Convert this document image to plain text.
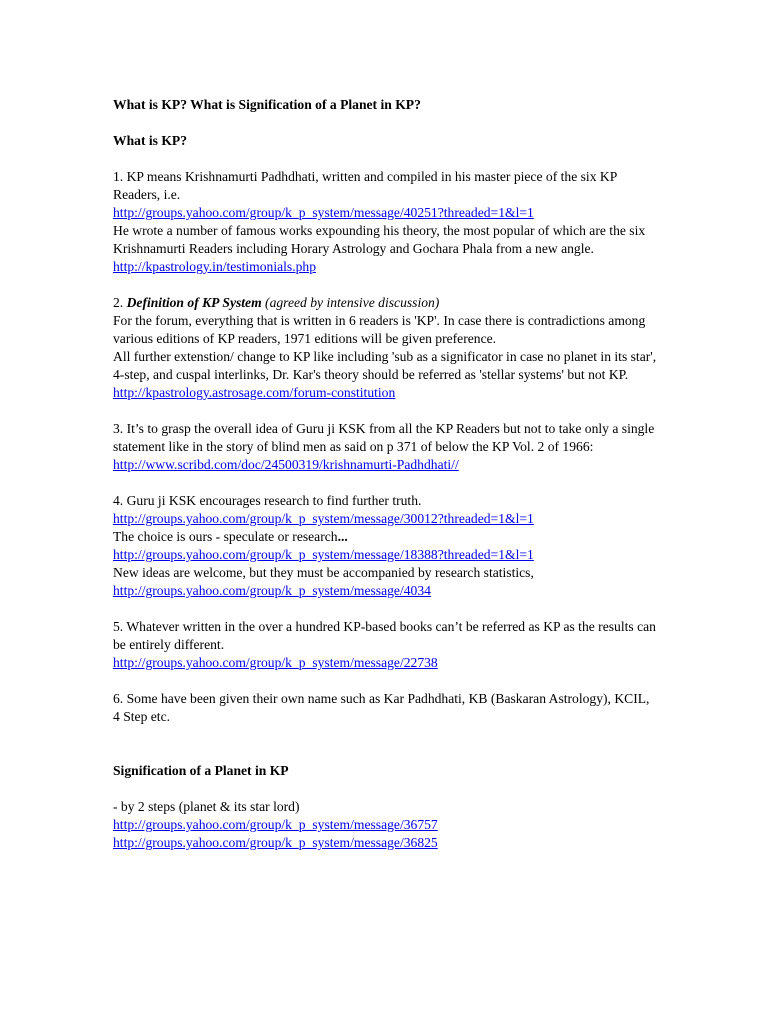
What is KP? What is Signification of a Planet in KP?

What is KP?

1. KP means Krishnamurti Padhdhati, written and compiled in his master piece of the six KP Readers, i.e.

http://groups.yahoo.com/group/k_p_system/message/40251?threaded=1&l=1

He wrote a number of famous works expounding his theory, the most popular of which are the six Krishnamurti Readers including Horary Astrology and Gochara Phala from a new angle.

http://kpastrology.in/testimonials.php

2. Definition of KP System (agreed by intensive discussion)

For the forum, everything that is written in 6 readers is 'KP'. In case there is contradictions among various editions of KP readers, 1971 editions will be given preference.

All further extenstion/ change to KP like including 'sub as a significator in case no planet in its star', 4-step, and cuspal interlinks, Dr. Kar's theory should be referred as 'stellar systems' but not KP.

http://kpastrology.astrosage.com/forum-constitution

3. It’s to grasp the overall idea of Guru ji KSK from all the KP Readers but not to take only a single statement like in the story of blind men as said on p 371 of below the KP Vol. 2 of 1966:

http://www.scribd.com/doc/24500319/krishnamurti-Padhdhati//

4. Guru ji KSK encourages research to find further truth.

http://groups.yahoo.com/group/k_p_system/message/30012?threaded=1&l=1

The choice is ours - speculate or research...

http://groups.yahoo.com/group/k_p_system/message/18388?threaded=1&l=1

New ideas are welcome, but they must be accompanied by research statistics,

http://groups.yahoo.com/group/k_p_system/message/4034

5. Whatever written in the over a hundred KP-based books can’t be referred as KP as the results can be entirely different.

http://groups.yahoo.com/group/k_p_system/message/22738

6. Some have been given their own name such as Kar Padhdhati, KB (Baskaran Astrology), KCIL, 4 Step etc.

Signification of a Planet in KP

- by 2 steps (planet & its star lord)

http://groups.yahoo.com/group/k_p_system/message/36757

http://groups.yahoo.com/group/k_p_system/message/36825
